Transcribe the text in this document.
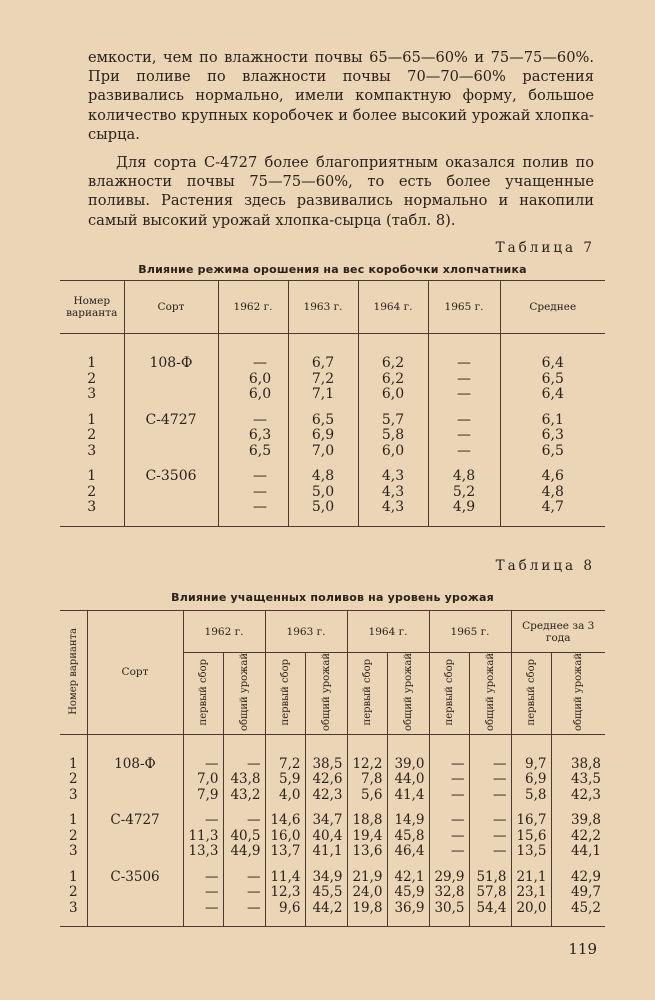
емкости, чем по влажности почвы 65—65—60% и 75—75—60%. При поливе по влажности почвы 70—70—60% растения развивались нормально, имели компактную форму, большое количество крупных коробочек и более высокий урожай хлопка-сырца.

Для сорта С-4727 более благоприятным оказался полив по влажности почвы 75—75—60%, то есть более учащенные поливы. Растения здесь развивались нормально и накопили самый высокий урожай хлопка-сырца (табл. 8).

Таблица 7
Влияние режима орошения на вес коробочки хлопчатника
Номер варианта	Сорт	1962 г.	1963 г.	1964 г.	1965 г.	Среднее

1	108-Ф	—	6,7	6,2	—	6,4
2		6,0	7,2	6,2	—	6,5
3		6,0	7,1	6,0	—	6,4

1	С-4727	—	6,5	5,7	—	6,1
2		6,3	6,9	5,8	—	6,3
3		6,5	7,0	6,0	—	6,5

1	С-3506	—	4,8	4,3	4,8	4,6
2		—	5,0	4,3	5,2	4,8
3		—	5,0	4,3	4,9	4,7

Таблица 8
Влияние учащенных поливов на уровень урожая
Номер варианта	Сорт	1962 г.		1963 г.		1964 г.		1965 г.		Среднее за 3 года	
		первый сбор	общий урожай	первый сбор	общий урожай	первый сбор	общий урожай	первый сбор	общий урожай	первый сбор	общий урожай

1	108-Ф	—	—	7,2	38,5	12,2	39,0	—	—	9,7	38,8
2		7,0	43,8	5,9	42,6	7,8	44,0	—	—	6,9	43,5
3		7,9	43,2	4,0	42,3	5,6	41,4	—	—	5,8	42,3

1	С-4727	—	—	14,6	34,7	18,8	14,9	—	—	16,7	39,8
2		11,3	40,5	16,0	40,4	19,4	45,8	—	—	15,6	42,2
3		13,3	44,9	13,7	41,1	13,6	46,4	—	—	13,5	44,1

1	С-3506	—	—	11,4	34,9	21,9	42,1	29,9	51,8	21,1	42,9
2		—	—	12,3	45,5	24,0	45,9	32,8	57,8	23,1	49,7
3		—	—	9,6	44,2	19,8	36,9	30,5	54,4	20,0	45,2

119
